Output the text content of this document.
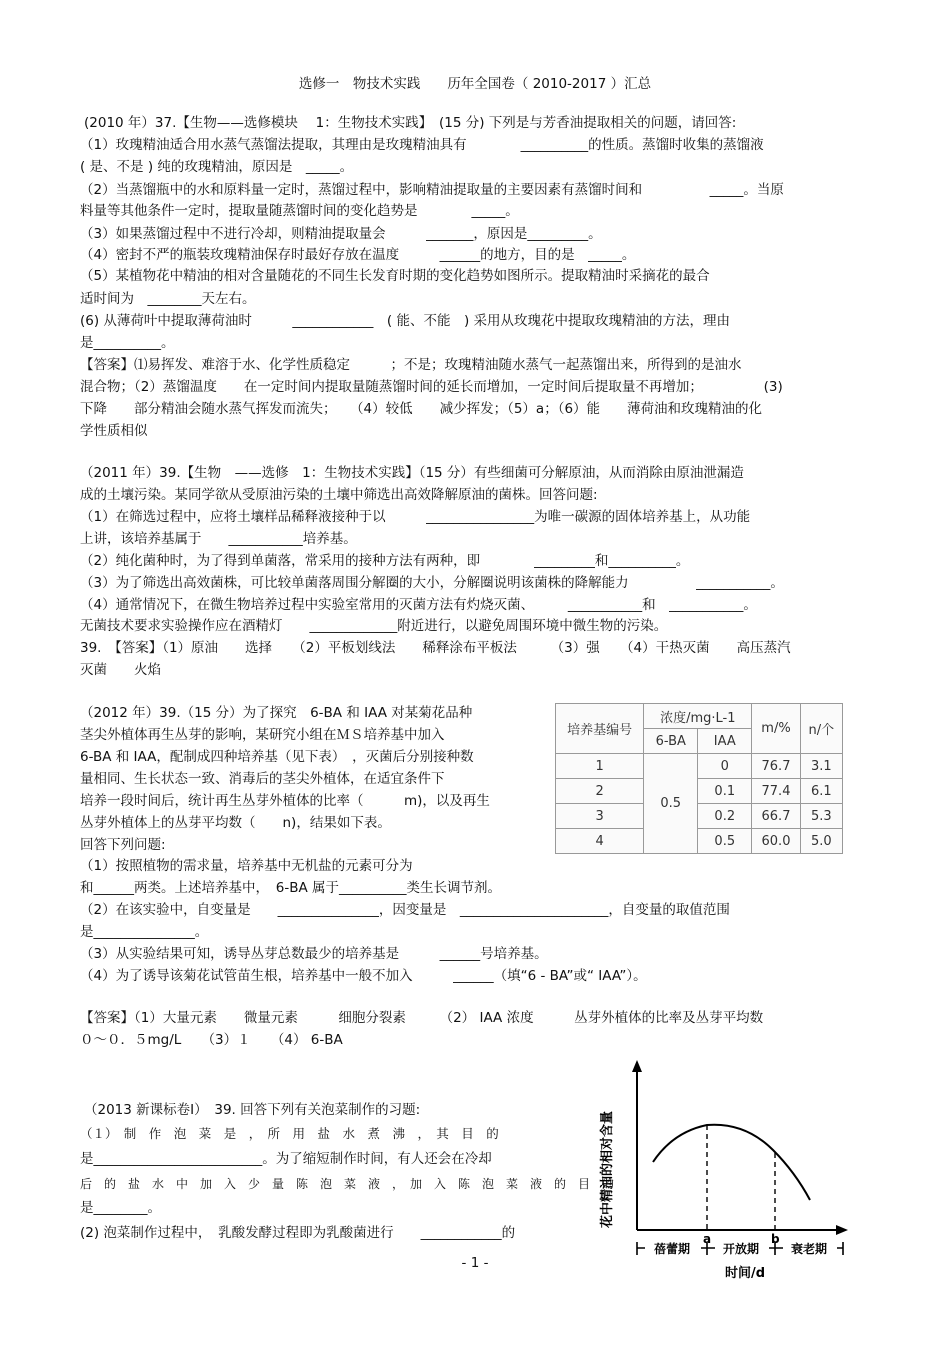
选修一　物技术实践　　历年全国卷（ 2010-2017 ）汇总
(2010 年）37.【生物——选修模块　 1：生物技术实践】　(15 分) 下列是与芳香油提取相关的问题，请回答:
（1）玫瑰精油适合用水蒸气蒸馏法提取，其理由是玫瑰精油具有　　　　__________的性质。蒸馏时收集的蒸馏液
( 是、不是 ) 纯的玫瑰精油，原因是　_____。
（2）当蒸馏瓶中的水和原料量一定时，蒸馏过程中，影响精油提取量的主要因素有蒸馏时间和　　　　　_____。当原
料量等其他条件一定时，提取量随蒸馏时间的变化趋势是　　　　_____。
（3）如果蒸馏过程中不进行冷却，则精油提取量会　　　_______，原因是_________。
（4）密封不严的瓶装玫瑰精油保存时最好存放在温度　　　______的地方，目的是　_____。
（5）某植物花中精油的相对含量随花的不同生长发育时期的变化趋势如图所示。提取精油时采摘花的最合
适时间为　________天左右。
(6) 从薄荷叶中提取薄荷油时　　　____________　( 能、不能　) 采用从玫瑰花中提取玫瑰精油的方法，理由
是__________。
【答案】⑴易挥发、难溶于水、化学性质稳定　　　；不是；玫瑰精油随水蒸气一起蒸馏出来，所得到的是油水
混合物；（2）蒸馏温度　　在一定时间内提取量随蒸馏时间的延长而增加，一定时间后提取量不再增加；　　　　　(3)
下降　　部分精油会随水蒸气挥发而流失；　　（4）较低　　减少挥发；（5）a；（6）能　　薄荷油和玫瑰精油的化
学性质相似
（2011 年）39.【生物　——选修　1：生物技术实践】（15 分）有些细菌可分解原油，从而消除由原油泄漏造
成的土壤污染。某同学欲从受原油污染的土壤中筛选出高效降解原油的菌株。回答问题:
（1）在筛选过程中，应将土壤样品稀释液接种于以　　　________________为唯一碳源的固体培养基上，从功能
上讲，该培养基属于　　___________培养基。
（2）纯化菌种时，为了得到单菌落，常采用的接种方法有两种，即　　　　_________和__________。
（3）为了筛选出高效菌株，可比较单菌落周围分解圈的大小，分解圈说明该菌株的降解能力　　　　　___________。
（4）通常情况下，在微生物培养过程中实验室常用的灭菌方法有灼烧灭菌、　　　___________和　___________。
无菌技术要求实验操作应在酒精灯　　_____________附近进行，以避免周围环境中微生物的污染。
39.　【答案】（1）原油　　选择　　（2）平板划线法　　稀释涂布平板法　　　（3）强　　（4）干热灭菌　　高压蒸汽
灭菌　　火焰
（2012 年）39.（15 分）为了探究　6-BA 和 IAA 对某菊花品种
茎尖外植体再生丛芽的影响，某研究小组在ＭＳ培养基中加入
6-BA 和 IAA，配制成四种培养基（见下表）　，灭菌后分别接种数
量相同、生长状态一致、消毒后的茎尖外植体，在适宜条件下
培养一段时间后，统计再生丛芽外植体的比率（　　　m)，以及再生
丛芽外植体上的丛芽平均数（　　n)，结果如下表。
回答下列问题:
（1）按照植物的需求量，培养基中无机盐的元素可分为
和______两类。上述培养基中，　6-BA 属于__________类生长调节剂。
（2）在该实验中，自变量是　　_______________，因变量是　______________________，自变量的取值范围
是_______________。
（3）从实验结果可知，诱导丛芽总数最少的培养基是　　　______号培养基。
（4）为了诱导该菊花试管苗生根，培养基中一般不加入　　　______（填“6 - BA”或“ IAA”）。
【答案】（1）大量元素　　微量元素　　　细胞分裂素　　　（2） IAA 浓度　　　丛芽外植体的比率及丛芽平均数
０～０．５mg/L　　（3）１　　（4） 6-BA
（2013 新课标卷Ⅰ）　39. 回答下列有关泡菜制作的习题:
（１）　制　作　泡　菜　是　，　所　用　盐　水　煮　沸　，　其　目　的
是_________________________。为了缩短制作时间，有人还会在冷却
后　的　盐　水　中　加　入　少　量　陈　泡　菜　液　，　加　入　陈　泡　菜　液　的　目　的
是________。
(2) 泡菜制作过程中，　乳酸发酵过程即为乳酸菌进行　　____________的
培养基编号	浓度/mg·L-1		m/%	n/个
	6-BA	IAA		
1	0.5	0	76.7	3.1
2		0.1	77.4	6.1
3		0.2	66.7	5.3
4		0.5	60.0	5.0
a	b
蓓蕾期	开放期	衰老期
时间/d
花中精油的相对含量
- 1 -
